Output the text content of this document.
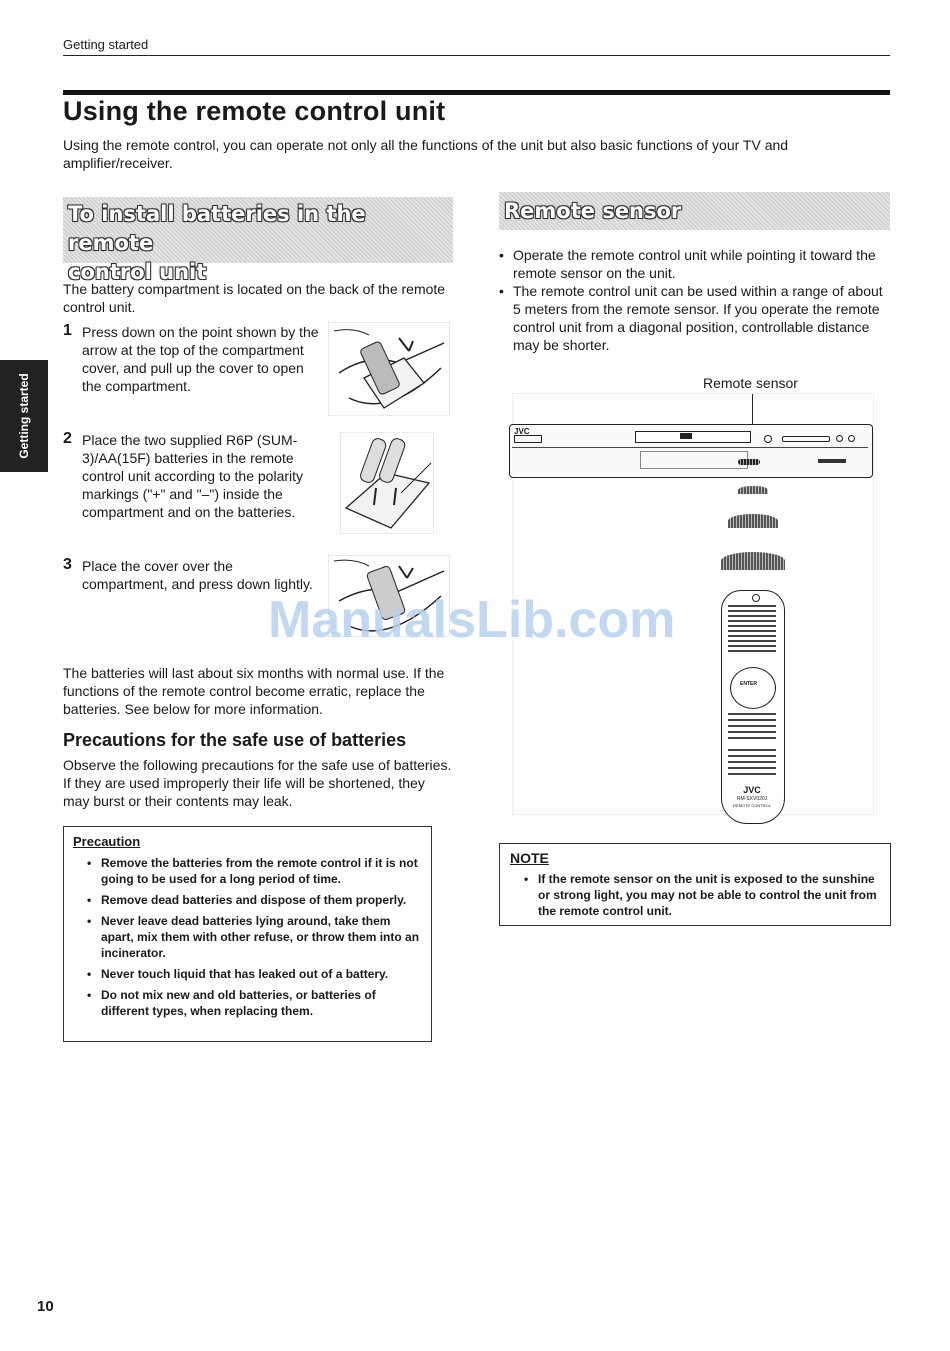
Getting started
Using the remote control unit
Using the remote control, you can operate not only all the functions of the unit but also basic functions of your TV and amplifier/receiver.
Getting started
To install batteries in the remote
control unit
The battery compartment is located on the back of the remote control unit.
1 Press down on the point shown by the arrow at the top of the compartment cover, and pull up the cover to open the compartment.
2 Place the two supplied R6P (SUM-3)/AA(15F) batteries in the remote control unit according to the polarity markings ("+" and "–") inside the compartment and on the batteries.
3 Place the cover over the compartment, and press down lightly.
The batteries will last about six months with normal use. If the functions of the remote control become erratic, replace the batteries. See below for more information.
Precautions for the safe use of batteries
Observe the following precautions for the safe use of batteries. If they are used improperly their life will be shortened, they may burst or their contents may leak.
Precaution
• Remove the batteries from the remote control if it is not going to be used for a long period of time.
• Remove dead batteries and dispose of them properly.
• Never leave dead batteries lying around, take them apart, mix them with other refuse, or throw them into an incinerator.
• Never touch liquid that has leaked out of a battery.
• Do not mix new and old batteries, or batteries of different types, when replacing them.
Remote sensor
• Operate the remote control unit while pointing it toward the remote sensor on the unit.
• The remote control unit can be used within a range of about 5 meters from the remote sensor. If you operate the remote control unit from a diagonal position, controllable distance may be shorter.
Remote sensor
JVC
ENTER
JVC
RM-SXV020J
REMOTE CONTROL
NOTE
• If the remote sensor on the unit is exposed to the sunshine or strong light, you may not be able to control the unit from the remote control unit.
ManualsLib.com
10
